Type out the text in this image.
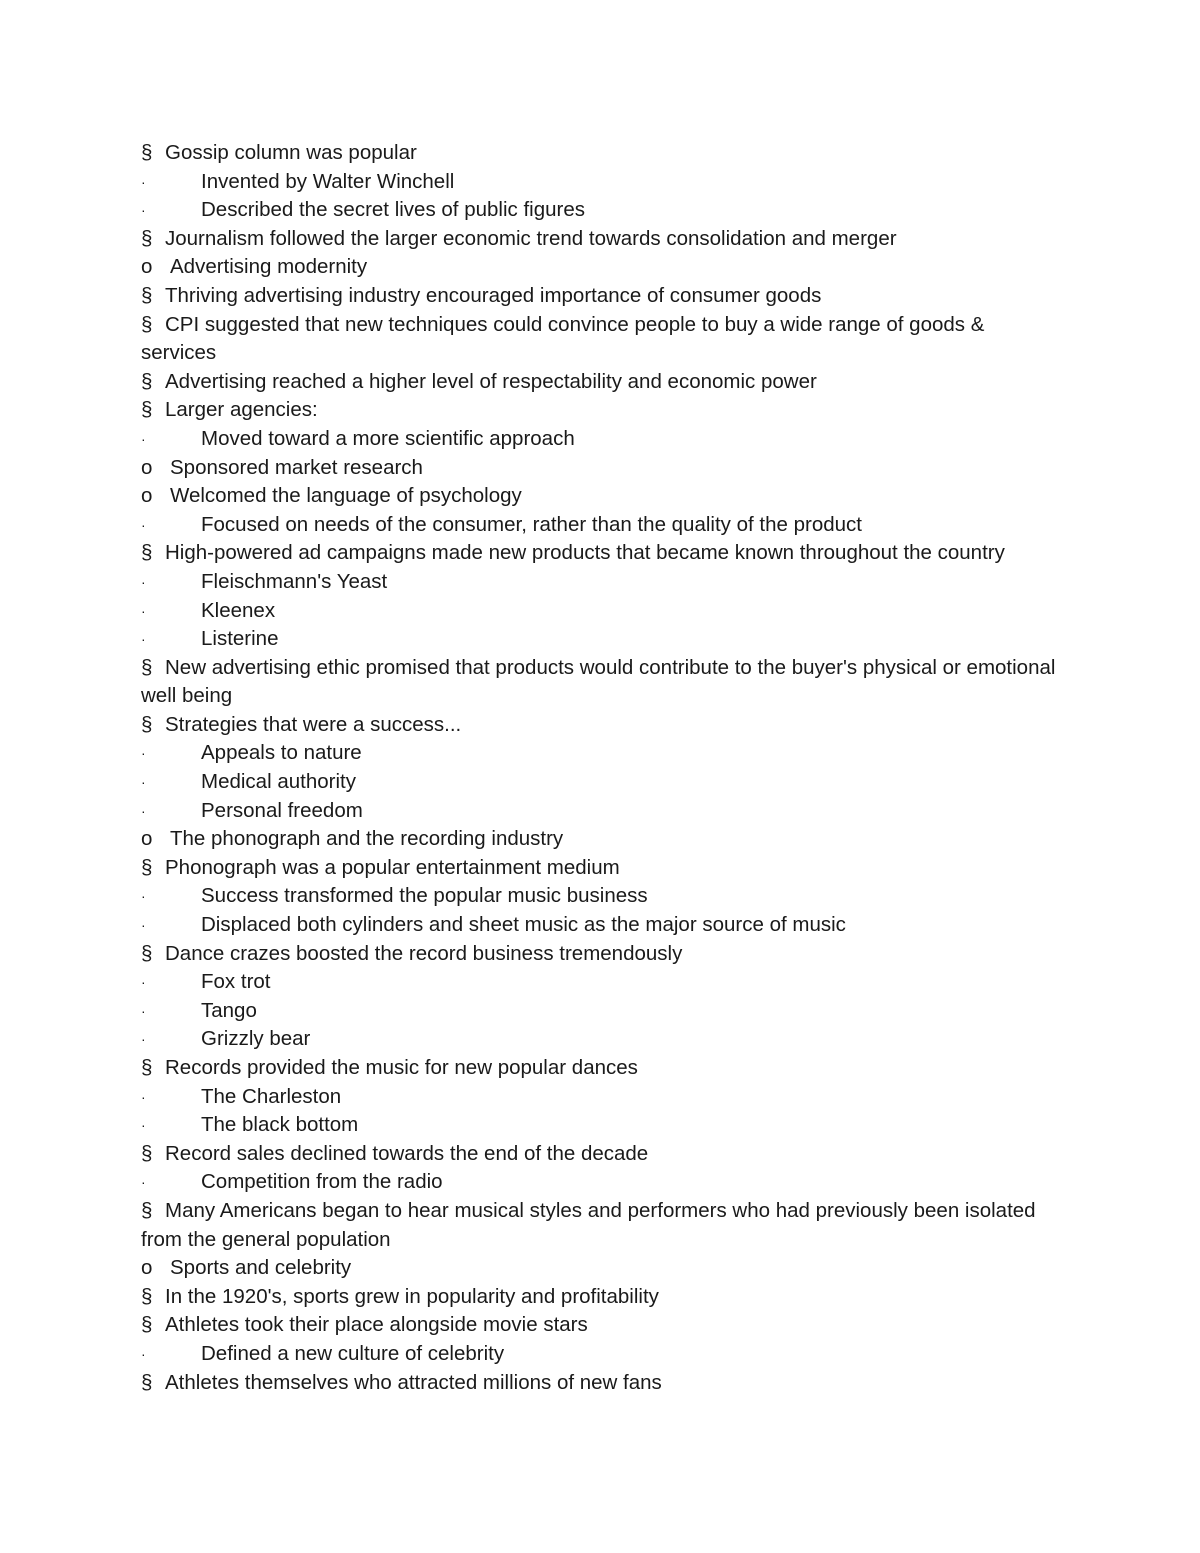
§ Gossip column was popular

·	Invented by Walter Winchell

·	Described the secret lives of public figures

§ Journalism followed the larger economic trend towards consolidation and merger

o Advertising modernity

§ Thriving advertising industry encouraged importance of consumer goods

§ CPI suggested that new techniques could convince people to buy a wide range of goods & services

§ Advertising reached a higher level of respectability and economic power

§ Larger agencies:

·	Moved toward a more scientific approach

o Sponsored market research

o Welcomed the language of psychology

·	Focused on needs of the consumer, rather than the quality of the product

§ High-powered ad campaigns made new products that became known throughout the country

·	Fleischmann's Yeast

·	Kleenex

·	Listerine

§ New advertising ethic promised that products would contribute to the buyer's physical or emotional well being

§ Strategies that were a success...

·	Appeals to nature

·	Medical authority

·	Personal freedom

o The phonograph and the recording industry

§ Phonograph was a popular entertainment medium

·	Success transformed the popular music business

·	Displaced both cylinders and sheet music as the major source of music

§ Dance crazes boosted the record business tremendously

·	Fox trot

·	Tango

·	Grizzly bear

§ Records provided the music for new popular dances

·	The Charleston

·	The black bottom

§ Record sales declined towards the end of the decade

·	Competition from the radio

§ Many Americans began to hear musical styles and performers who had previously been isolated from the general population

o Sports and celebrity

§ In the 1920's, sports grew in popularity and profitability

§ Athletes took their place alongside movie stars

·	Defined a new culture of celebrity

§ Athletes themselves who attracted millions of new fans
